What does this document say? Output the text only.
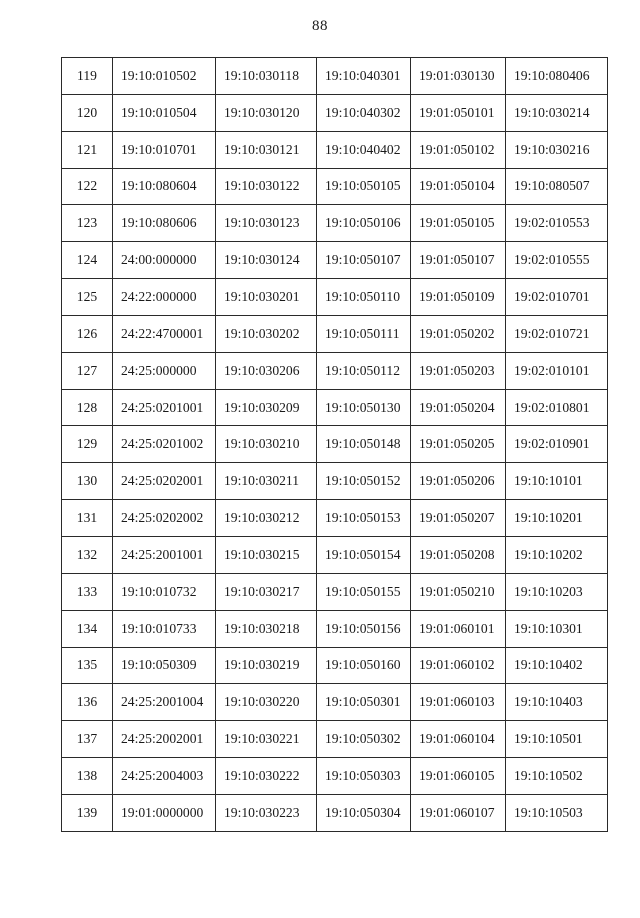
88
119	19:10:010502	19:10:030118	19:10:040301	19:01:030130	19:10:080406
120	19:10:010504	19:10:030120	19:10:040302	19:01:050101	19:10:030214
121	19:10:010701	19:10:030121	19:10:040402	19:01:050102	19:10:030216
122	19:10:080604	19:10:030122	19:10:050105	19:01:050104	19:10:080507
123	19:10:080606	19:10:030123	19:10:050106	19:01:050105	19:02:010553
124	24:00:000000	19:10:030124	19:10:050107	19:01:050107	19:02:010555
125	24:22:000000	19:10:030201	19:10:050110	19:01:050109	19:02:010701
126	24:22:4700001	19:10:030202	19:10:050111	19:01:050202	19:02:010721
127	24:25:000000	19:10:030206	19:10:050112	19:01:050203	19:02:010101
128	24:25:0201001	19:10:030209	19:10:050130	19:01:050204	19:02:010801
129	24:25:0201002	19:10:030210	19:10:050148	19:01:050205	19:02:010901
130	24:25:0202001	19:10:030211	19:10:050152	19:01:050206	19:10:10101
131	24:25:0202002	19:10:030212	19:10:050153	19:01:050207	19:10:10201
132	24:25:2001001	19:10:030215	19:10:050154	19:01:050208	19:10:10202
133	19:10:010732	19:10:030217	19:10:050155	19:01:050210	19:10:10203
134	19:10:010733	19:10:030218	19:10:050156	19:01:060101	19:10:10301
135	19:10:050309	19:10:030219	19:10:050160	19:01:060102	19:10:10402
136	24:25:2001004	19:10:030220	19:10:050301	19:01:060103	19:10:10403
137	24:25:2002001	19:10:030221	19:10:050302	19:01:060104	19:10:10501
138	24:25:2004003	19:10:030222	19:10:050303	19:01:060105	19:10:10502
139	19:01:0000000	19:10:030223	19:10:050304	19:01:060107	19:10:10503
